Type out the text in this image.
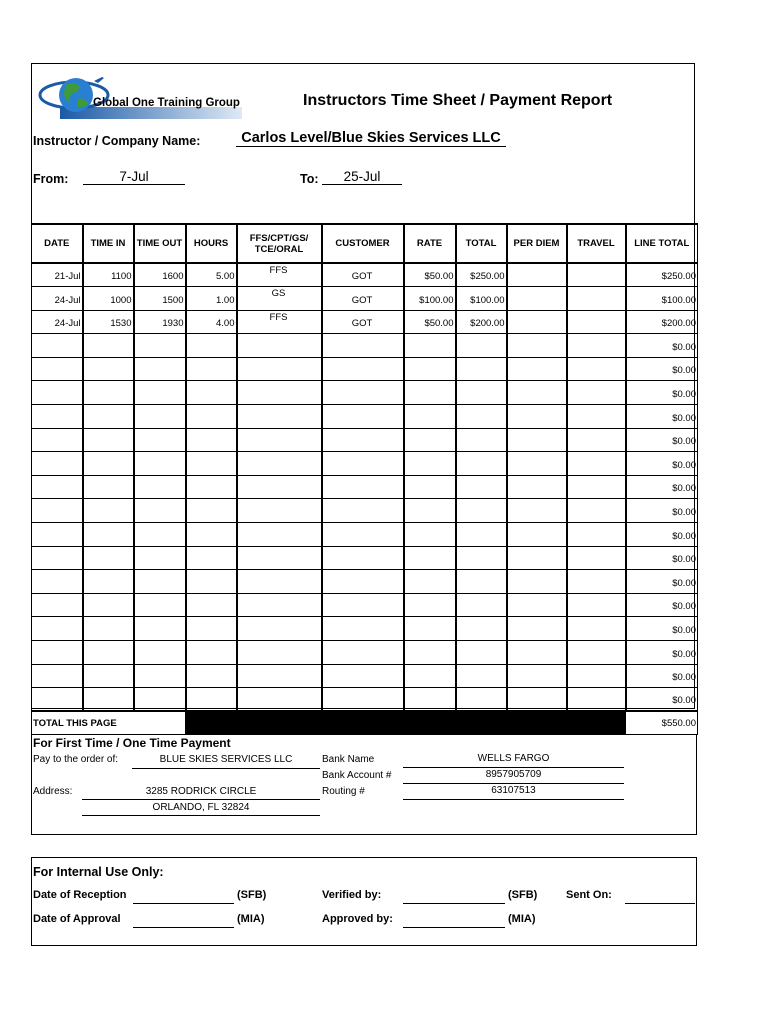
Global One Training Group	Instructors Time Sheet / Payment Report
Instructor / Company Name:	Carlos Level/Blue Skies Services LLC
From:	7-Jul	To:	25-Jul
DATE	TIME IN	TIME OUT	HOURS	FFS/CPT/GS/ TCE/ORAL	CUSTOMER	RATE	TOTAL	PER DIEM	TRAVEL	LINE TOTAL
21-Jul	1100	1600	5.00	FFS	GOT	$50.00	$250.00			$250.00
24-Jul	1000	1500	1.00	GS	GOT	$100.00	$100.00			$100.00
24-Jul	1530	1930	4.00	FFS	GOT	$50.00	$200.00			$200.00
										$0.00
										$0.00
										$0.00
										$0.00
										$0.00
										$0.00
										$0.00
										$0.00
										$0.00
										$0.00
										$0.00
										$0.00
										$0.00
										$0.00
										$0.00
										$0.00
TOTAL THIS PAGE										$550.00
For First Time / One Time Payment
Pay to the order of:	BLUE SKIES SERVICES LLC
Address:	3285 RODRICK CIRCLE
ORLANDO, FL 32824
Bank Name	WELLS FARGO
Bank Account #	8957905709
Routing #	63107513
For Internal Use Only:
Date of Reception	(SFB)	Verified by:	(SFB)	Sent On:
Date of Approval	(MIA)	Approved by:	(MIA)
